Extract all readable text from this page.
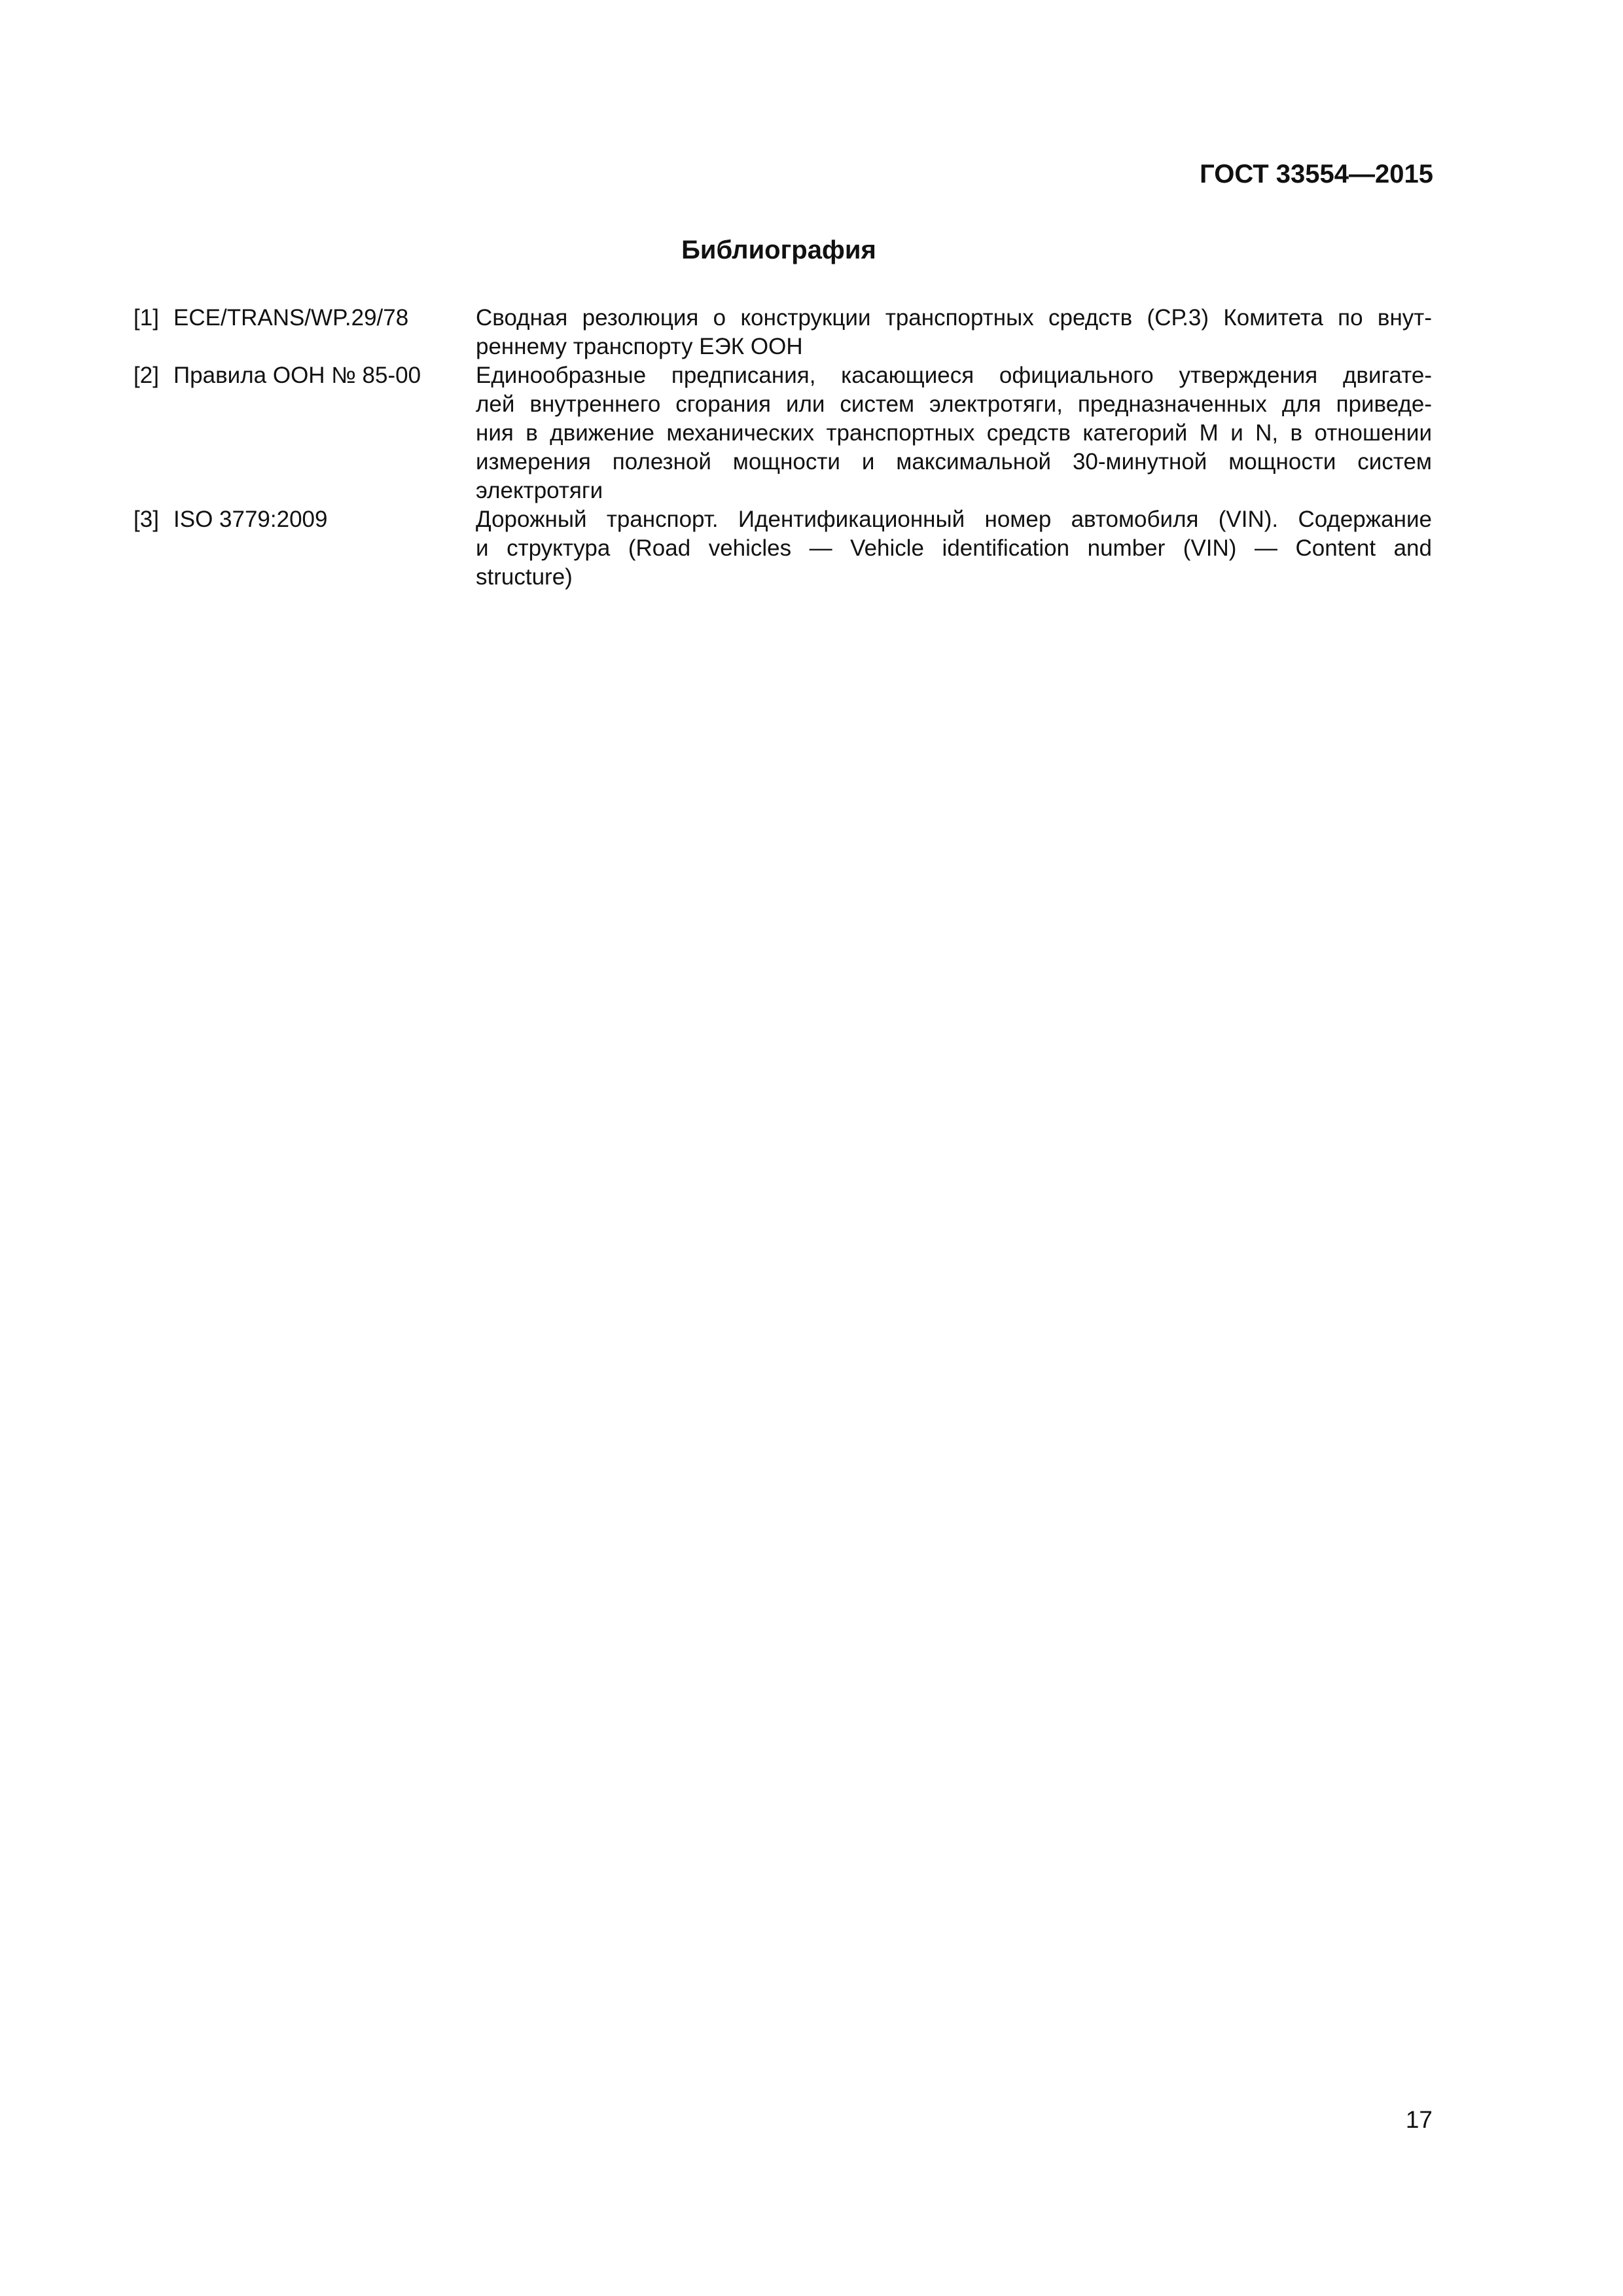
ГОСТ 33554—2015
Библиография
[1] ECE/TRANS/WP.29/78	Сводная резолюция о конструкции транспортных средств (СР.3) Комитета по внут-
реннему транспорту ЕЭК ООН
[2] Правила ООН № 85-00	Единообразные предписания, касающиеся официального утверждения двигате-
лей внутреннего сгорания или систем электротяги, предназначенных для приведе-
ния в движение механических транспортных средств категорий M и N, в отношении
измерения полезной мощности и максимальной 30-минутной мощности систем
электротяги
[3] ISO 3779:2009	Дорожный транспорт. Идентификационный номер автомобиля (VIN). Содержание
и структура (Road vehicles — Vehicle identification number (VIN) — Content and
structure)
17
